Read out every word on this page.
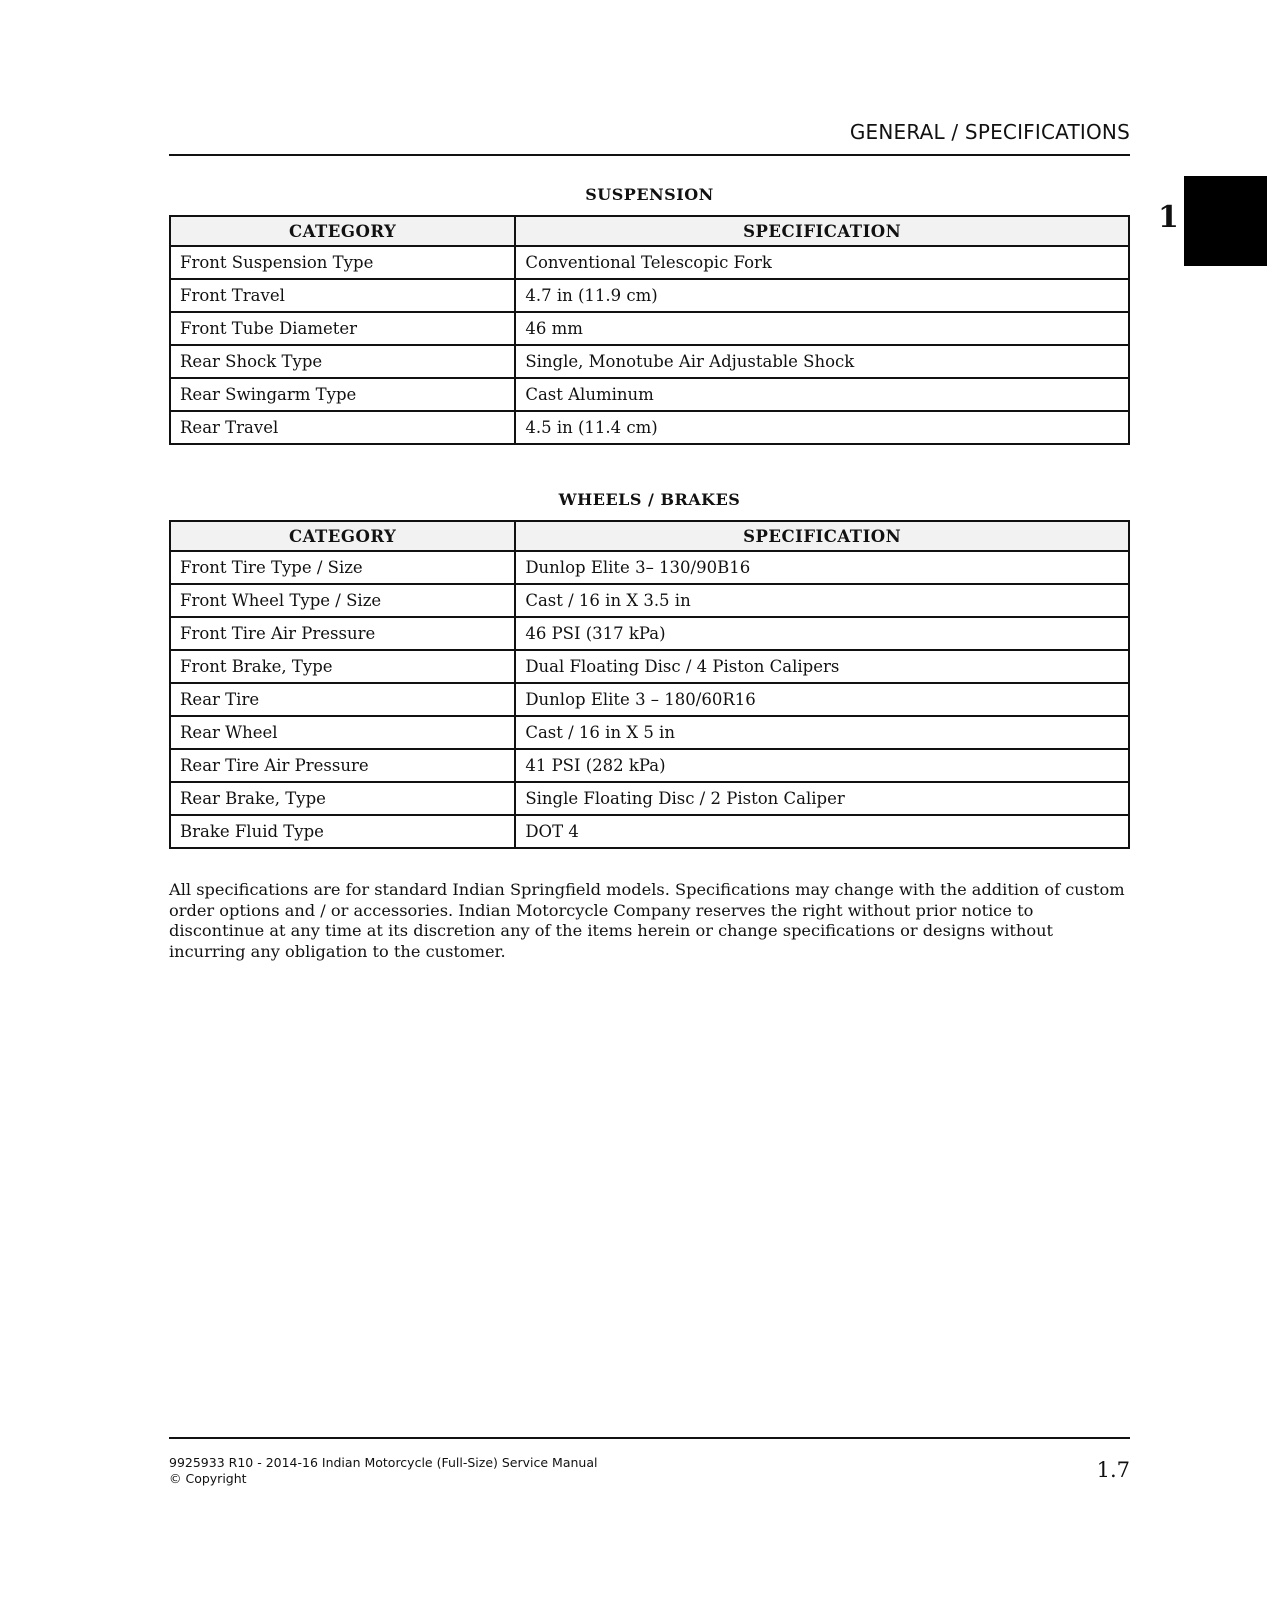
GENERAL / SPECIFICATIONS
1
SUSPENSION
CATEGORY	SPECIFICATION
Front Suspension Type	Conventional Telescopic Fork
Front Travel	4.7 in (11.9 cm)
Front Tube Diameter	46 mm
Rear Shock Type	Single, Monotube Air Adjustable Shock
Rear Swingarm Type	Cast Aluminum
Rear Travel	4.5 in (11.4 cm)
WHEELS / BRAKES
CATEGORY	SPECIFICATION
Front Tire Type / Size	Dunlop Elite 3– 130/90B16
Front Wheel Type / Size	Cast / 16 in X 3.5 in
Front Tire Air Pressure	46 PSI (317 kPa)
Front Brake, Type	Dual Floating Disc / 4 Piston Calipers
Rear Tire	Dunlop Elite 3 – 180/60R16
Rear Wheel	Cast / 16 in X 5 in
Rear Tire Air Pressure	41 PSI (282 kPa)
Rear Brake, Type	Single Floating Disc / 2 Piston Caliper
Brake Fluid Type	DOT 4

All specifications are for standard Indian Springfield models. Specifications may change with the addition of custom order options and / or accessories. Indian Motorcycle Company reserves the right without prior notice to discontinue at any time at its discretion any of the items herein or change specifications or designs without incurring any obligation to the customer.

9925933 R10 - 2014-16 Indian Motorcycle (Full-Size) Service Manual
© Copyright	1.7
